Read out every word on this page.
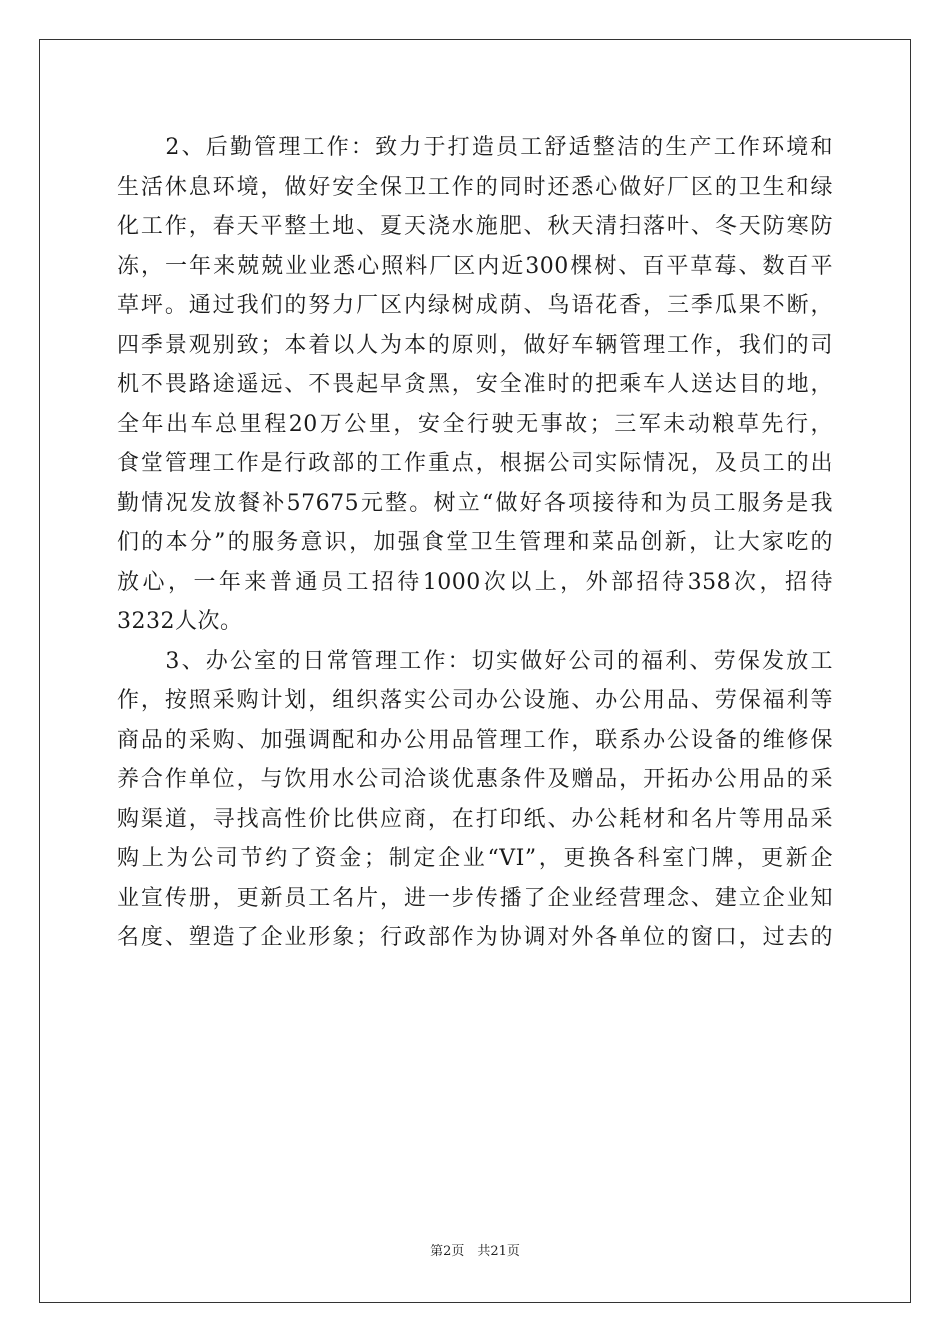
　　2、后勤管理工作：致力于打造员工舒适整洁的生产工作环境和
生活休息环境，做好安全保卫工作的同时还悉心做好厂区的卫生和绿
化工作，春天平整土地、夏天浇水施肥、秋天清扫落叶、冬天防寒防
冻，一年来兢兢业业悉心照料厂区内近300棵树、百平草莓、数百平
草坪。通过我们的努力厂区内绿树成荫、鸟语花香，三季瓜果不断，
四季景观别致；本着以人为本的原则，做好车辆管理工作，我们的司
机不畏路途遥远、不畏起早贪黑，安全准时的把乘车人送达目的地，
全年出车总里程20万公里，安全行驶无事故；三军未动粮草先行，
食堂管理工作是行政部的工作重点，根据公司实际情况，及员工的出
勤情况发放餐补57675元整。树立“做好各项接待和为员工服务是我
们的本分”的服务意识，加强食堂卫生管理和菜品创新，让大家吃的
放心，一年来普通员工招待1000次以上，外部招待358次，招待
3232人次。
　　3、办公室的日常管理工作：切实做好公司的福利、劳保发放工
作，按照采购计划，组织落实公司办公设施、办公用品、劳保福利等
商品的采购、加强调配和办公用品管理工作，联系办公设备的维修保
养合作单位，与饮用水公司洽谈优惠条件及赠品，开拓办公用品的采
购渠道，寻找高性价比供应商，在打印纸、办公耗材和名片等用品采
购上为公司节约了资金；制定企业“VI”，更换各科室门牌，更新企
业宣传册，更新员工名片，进一步传播了企业经营理念、建立企业知
名度、塑造了企业形象；行政部作为协调对外各单位的窗口，过去的
第2页　共21页
